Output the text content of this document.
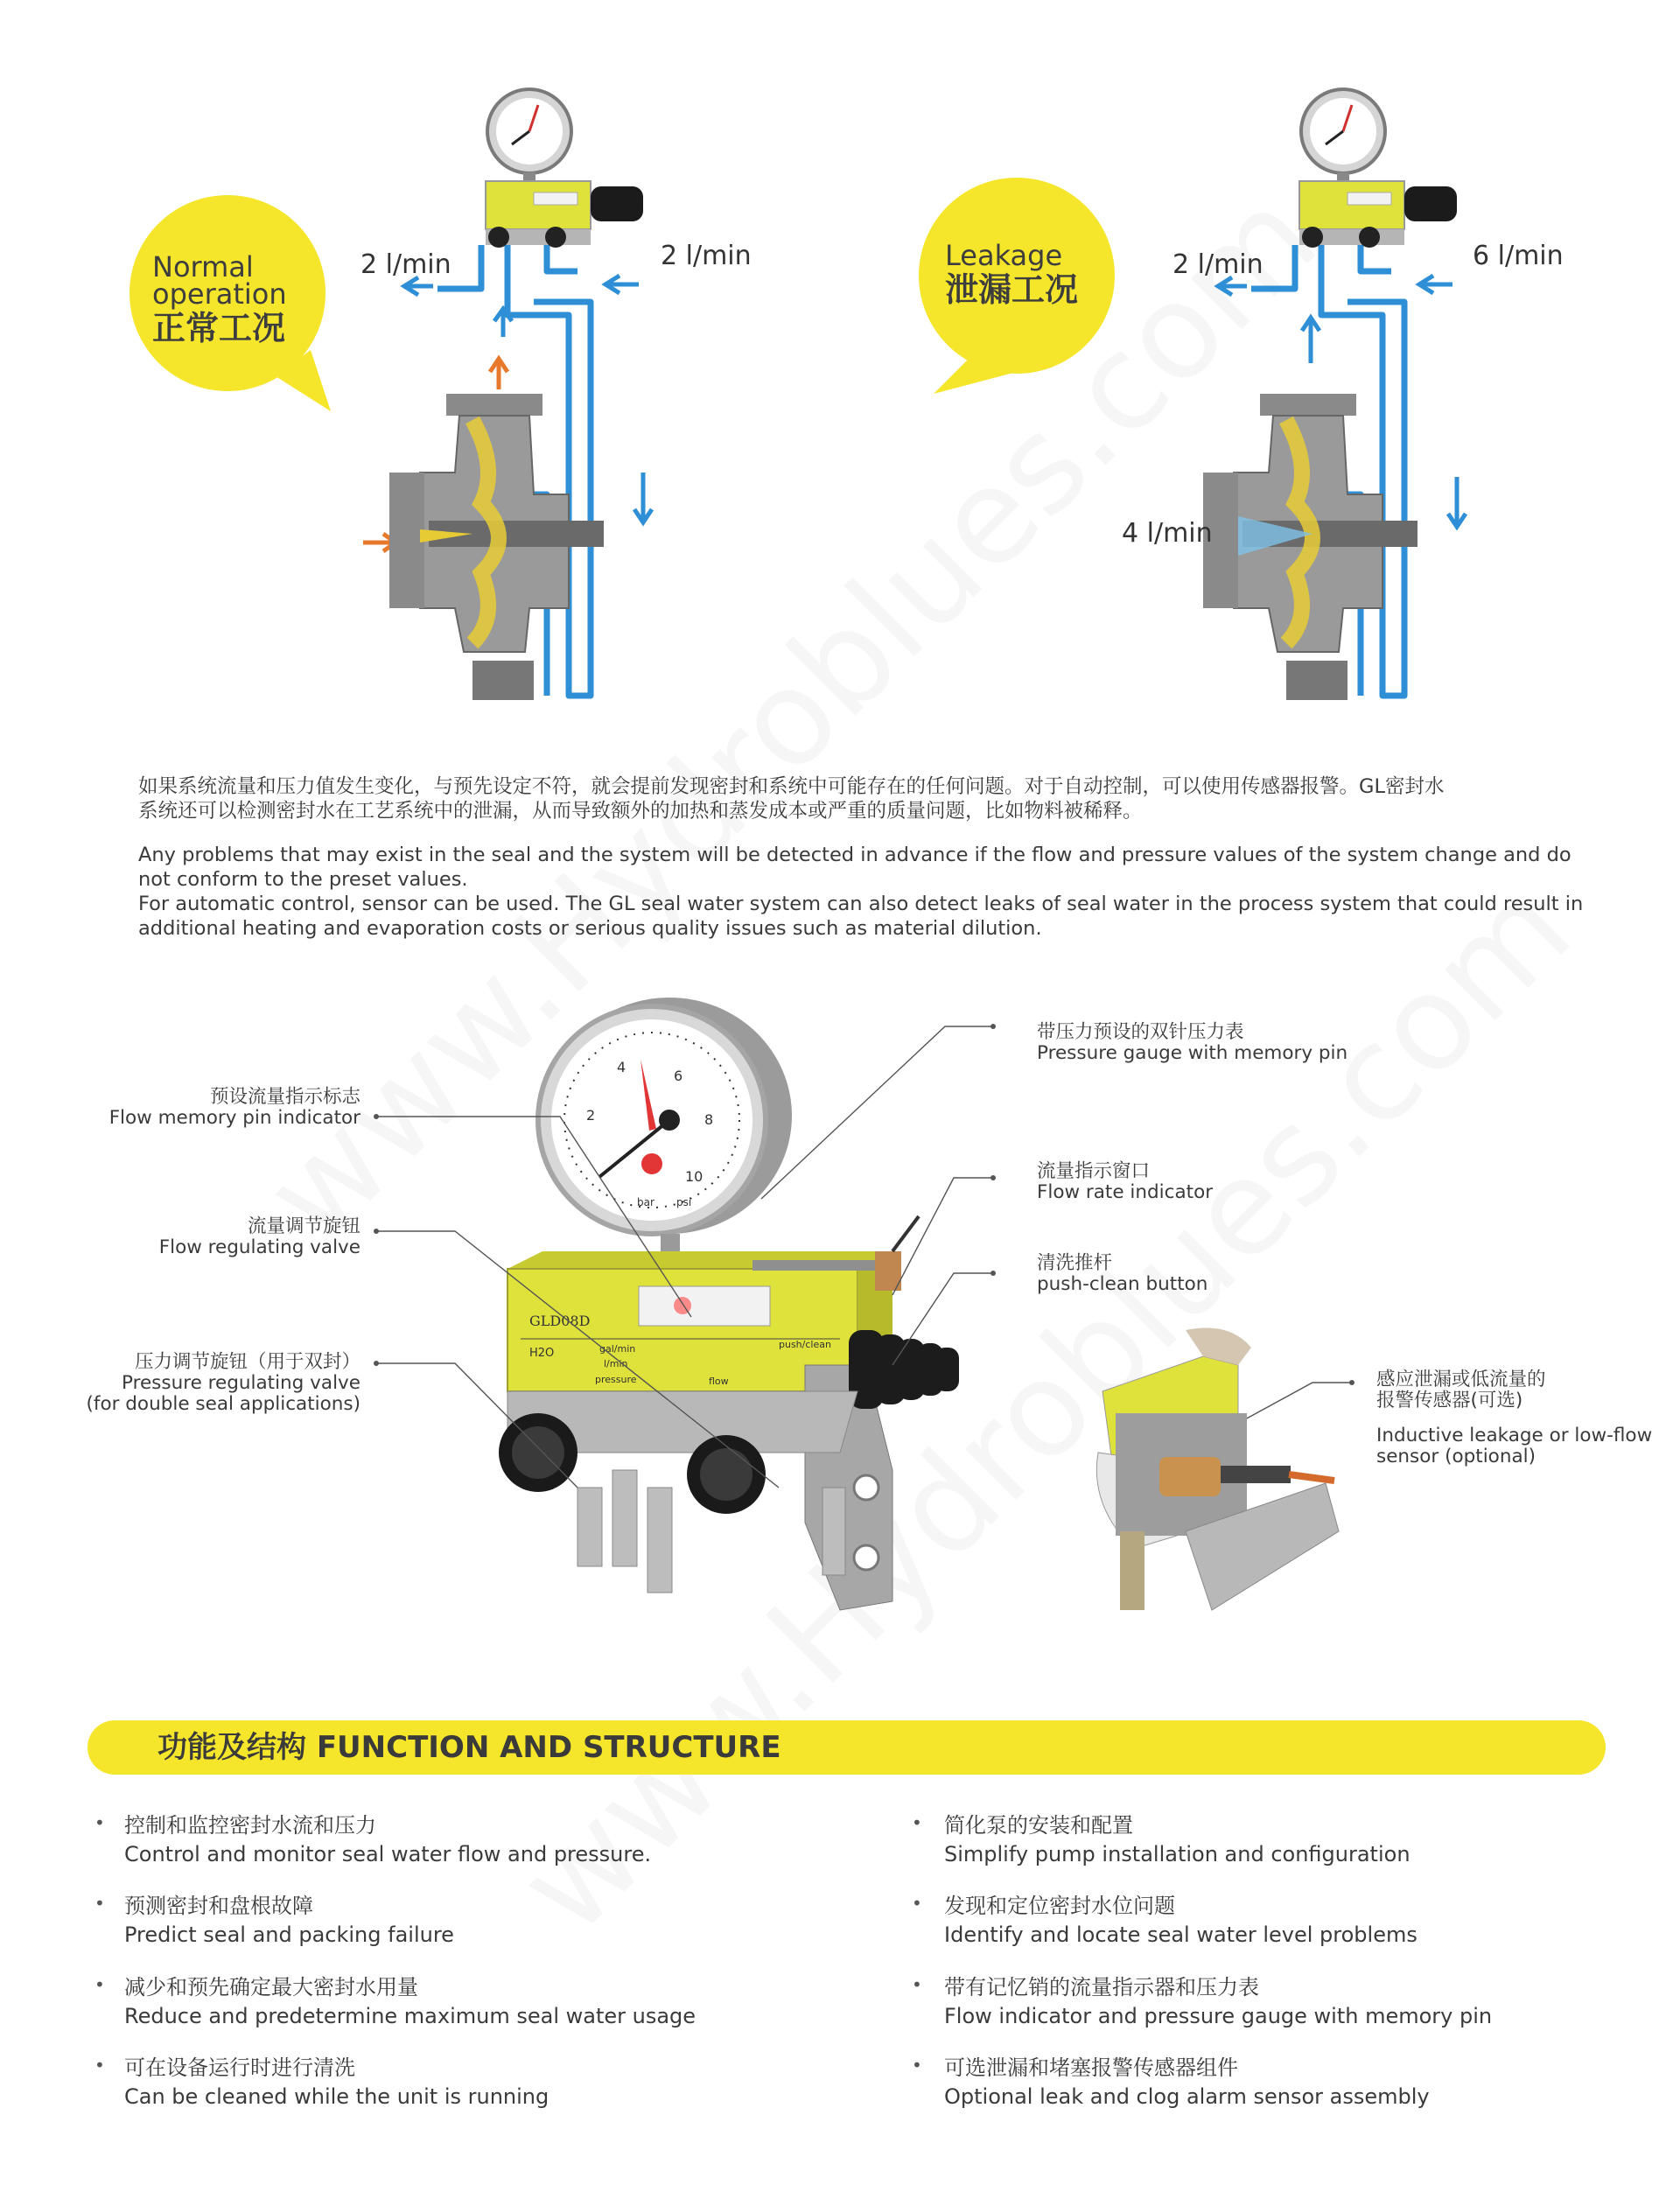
Normal operation
正常工况
2 l/min	2 l/min	Leakage
泄漏工况
2 l/min	6 l/min
4 l/min
如果系统流量和压力值发生变化，与预先设定不符，就会提前发现密封和系统中可能存在的任何问题。对于自动控制，可以使用传感器报警。GL密封水
系统还可以检测密封水在工艺系统中的泄漏，从而导致额外的加热和蒸发成本或严重的质量问题，比如物料被稀释。
Any problems that may exist in the seal and the system will be detected in advance if the flow and pressure values of the system change and do
not conform to the preset values.
For automatic control, sensor can be used. The GL seal water system can also detect leaks of seal water in the process system that could result in
additional heating and evaporation costs or serious quality issues such as material dilution.
2
4
6
8
10
bar psi
GLD08D
H2O	gal/min
l/min
push/clean
pressure	flow
预设流量指示标志
Flow memory pin indicator
流量调节旋钮
Flow regulating valve
压力调节旋钮（用于双封）
Pressure regulating valve
(for double seal applications)
带压力预设的双针压力表
Pressure gauge with memory pin
流量指示窗口
Flow rate indicator
清洗推杆
push-clean button
感应泄漏或低流量的
报警传感器(可选)
Inductive leakage or low-flow
sensor (optional)
功能及结构 FUNCTION AND STRUCTURE
• 控制和监控密封水流和压力
Control and monitor seal water flow and pressure.
• 简化泵的安装和配置
Simplify pump installation and configuration
• 预测密封和盘根故障
Predict seal and packing failure
• 发现和定位密封水位问题
Identify and locate seal water level problems
• 减少和预先确定最大密封水用量
Reduce and predetermine maximum seal water usage
• 带有记忆销的流量指示器和压力表
Flow indicator and pressure gauge with memory pin
• 可在设备运行时进行清洗
Can be cleaned while the unit is running
• 可选泄漏和堵塞报警传感器组件
Optional leak and clog alarm sensor assembly
